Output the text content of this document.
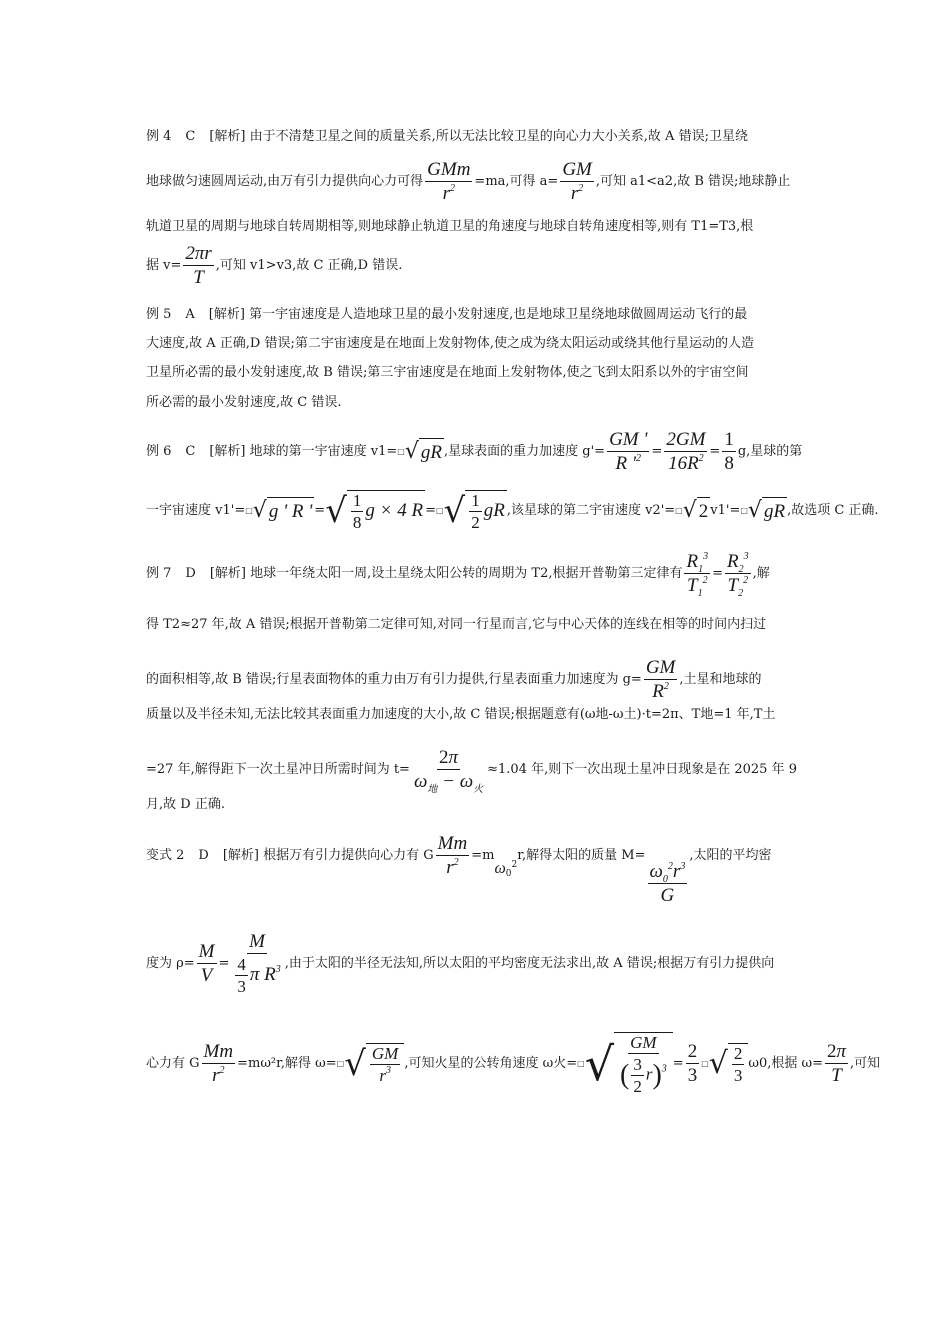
例 4 C [解析] 由于不清楚卫星之间的质量关系,所以无法比较卫星的向心力大小关系,故 A 错误;卫星绕
地球做匀速圆周运动,由万有引力提供向心力可得 $\frac{\text{GMm}}{r^2} =ma$,可得 $a= \frac{GM}{r^2}$ ,可知 a1<a2,故 B 错误;地球静止
轨道卫星的周期与地球自转周期相等,则地球静止轨道卫星的角速度与地球自转角速度相等,则有 T1=T3,根
据 $v= \frac{2\pi r}{T}$ ,可知 v1>v3,故 C 正确,D 错误.
例 5 A [解析] 第一宇宙速度是人造地球卫星的最小发射速度,也是地球卫星绕地球做圆周运动飞行的最
大速度,故 A 正确,D 错误;第二宇宙速度是在地面上发射物体,使之成为绕太阳运动或绕其他行星运动的人造
卫星所必需的最小发射速度,故 B 错误;第三宇宙速度是在地面上发射物体,使之飞到太阳系以外的宇宙空间
所必需的最小发射速度,故 C 错误.
例 6 C [解析] 地球的第一宇宙速度 v1= □ √ gR ,星球表面的重力加速度 $g'= \frac{GM '}{R '^2} = \frac{2GM}{16R^2} = \frac{1}{8} g$,星球的第
一宇宙速度 v1'= □ √ g ' R ' = √ $\frac{1}{8}$ g × 4 R = □ √ $\frac{1}{2}$ gR ,该星球的第二宇宙速度 v2'= □ √ 2 v1'= □ √ gR ,故选项 C 正确.
例 7 D [解析] 地球一年绕太阳一周,设土星绕太阳公转的周期为 T2,根据开普勒第三定律有 $\frac{R_1^3}{T_1^2} = \frac{R_2^3}{T_2^2}$ ,解
得 T2≈27 年,故 A 错误;根据开普勒第二定律可知,对同一行星而言,它与中心天体的连线在相等的时间内扫过
的面积相等,故 B 错误;行星表面物体的重力由万有引力提供,行星表面重力加速度为 $g= \frac{GM}{R^2}$ ,土星和地球的
质量以及半径未知,无法比较其表面重力加速度的大小,故 C 错误;根据题意有(ω地-ω土)·t=2π、T地=1 年,T土
=27 年,解得距下一次土星冲日所需时间为 $t= \frac{2\pi}{\omega_地 - \omega_火} \approx 1.04$ 年,则下一次出现土星冲日现象是在 2025 年 9
月,故 D 正确.
变式 2 D [解析] 根据万有引力提供向心力有 G $\frac{Mm}{r^2} =m\omega_0^2r$,解得太阳的质量 M=
$\frac{\omega_0^2r^3}{G}$
,太阳的平均密
度为 $\rho= \frac{M}{V} = \frac{M}{\frac{4}{3} \pi R^3}$ ,由于太阳的半径无法知,所以太阳的平均密度无法求出,故 A 错误;根据万有引力提供向
心力有 G $\frac{Mm}{r^2} =m\omega^2r$,解得 ω= □ √ $\frac{GM}{r^3}$ ,可知火星的公转角速度 ω火= □ √ $\frac{GM}{( \frac{3}{2} r)^3} = \frac{2}{3}$ □ √ $\frac{2}{3} \omega 0$,根据 $\omega= \frac{2\pi}{T}$ ,可知
